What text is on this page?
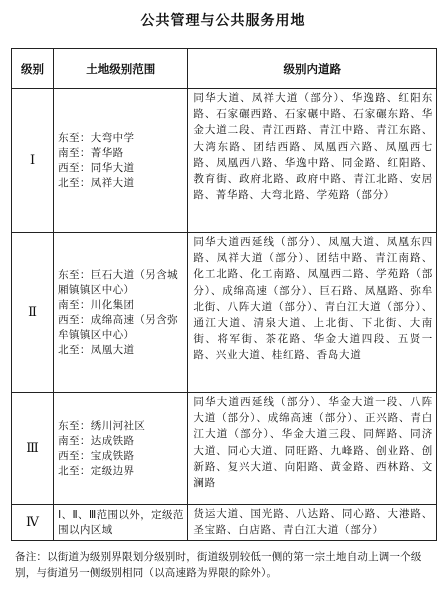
公共管理与公共服务用地
级别	土地级别范围	级别内道路
Ⅰ	东至：大弯中学
南至：菁华路
西至：同华大道
北至：凤祥大道	同华大道、凤祥大道（部分）、华逸路、红阳东路、石家碾西路、石家碾中路、石家碾东路、华金大道二段、青江西路、青江中路、青江东路、大湾东路、团结西路、凤凰西六路、凤凰西七路、凤凰西八路、华逸中路、同金路、红阳路、教育街、政府北路、政府中路、青江北路、安居路、菁华路、大弯北路、学苑路（部分）
Ⅱ	东至：巨石大道（另含城厢镇镇区中心）
南至：川化集团
西至：成绵高速（另含弥牟镇镇区中心）
北至：凤凰大道	同华大道西延线（部分）、凤凰大道、凤凰东四路、凤祥大道（部分）、团结中路、青江南路、化工北路、化工南路、凤凰西二路、学苑路（部分）、成绵高速（部分）、巨石路、凤凰路、弥牟北街、八阵大道（部分）、青白江大道（部分）、通江大道、清泉大道、上北街、下北街、大南街、将军街、茶花路、华金大道四段、五贤一路、兴业大道、桂红路、香岛大道
Ⅲ	东至：绣川河社区
南至：达成铁路
西至：宝成铁路
北至：定级边界	同华大道西延线（部分）、华金大道一段、八阵大道（部分）、成绵高速（部分）、正兴路、青白江大道（部分）、华金大道三段、同辉路、同济大道、同心大道、同旺路、九峰路、创业路、创新路、复兴大道、向阳路、黄金路、西林路、文澜路
Ⅳ	Ⅰ、Ⅱ、Ⅲ范围以外，定级范围以内区域	货运大道、国光路、八达路、同心路、大港路、圣宝路、白店路、青白江大道（部分）
备注：以街道为级别界限划分级别时，街道级别较低一侧的第一宗土地自动上调一个级别，与街道另一侧级别相同（以高速路为界限的除外）。
